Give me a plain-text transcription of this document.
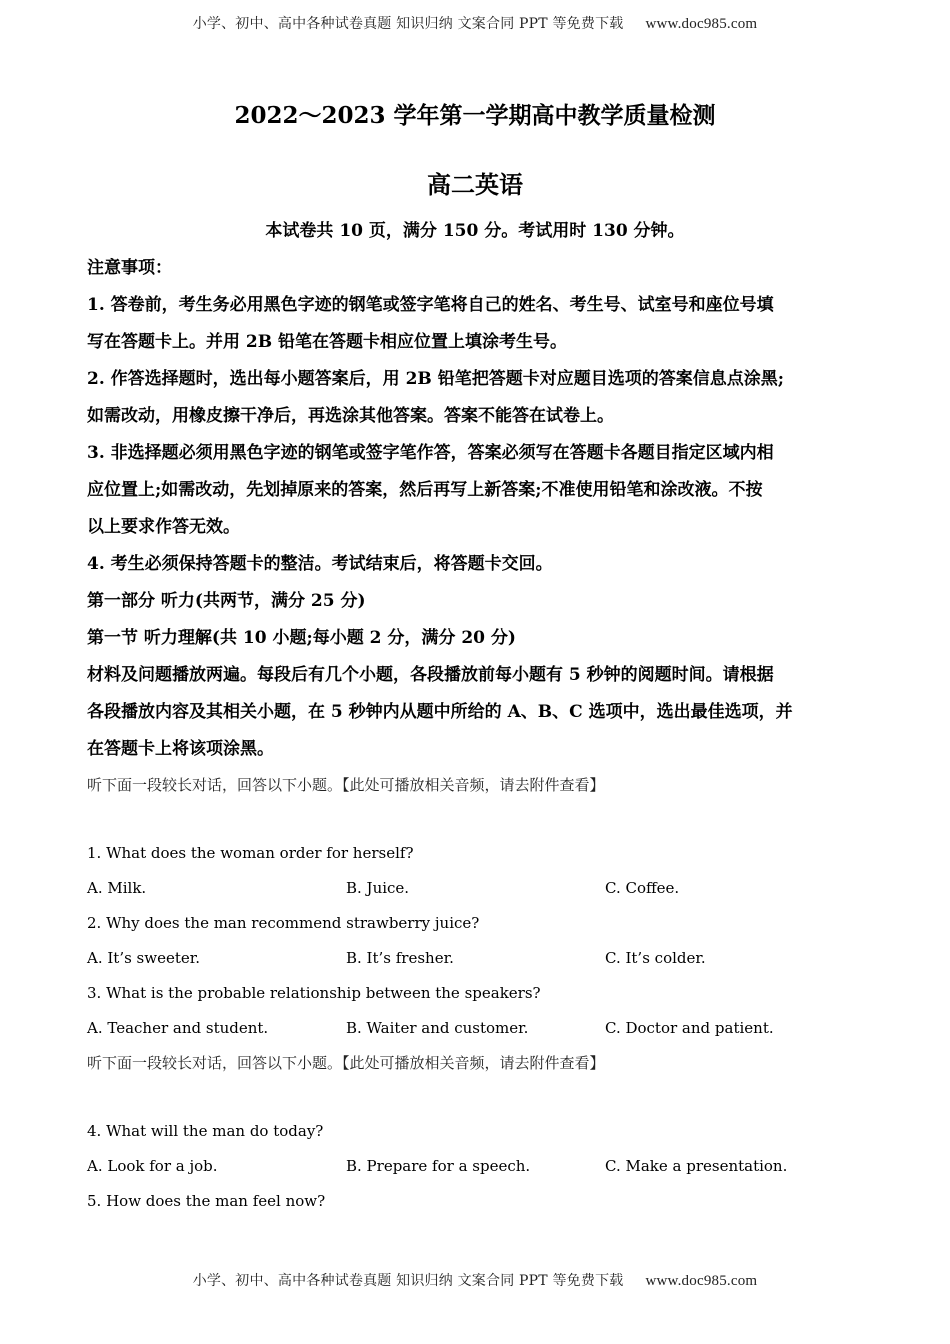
小学、初中、高中各种试卷真题 知识归纳 文案合同 PPT 等免费下载 www.doc985.com
2022～2023 学年第一学期高中教学质量检测
高二英语
本试卷共 10 页，满分 150 分。考试用时 130 分钟。

注意事项：

1. 答卷前，考生务必用黑色字迹的钢笔或签字笔将自己的姓名、考生号、试室号和座位号填

写在答题卡上。并用 2B 铅笔在答题卡相应位置上填涂考生号。

2. 作答选择题时，选出每小题答案后，用 2B 铅笔把答题卡对应题目选项的答案信息点涂黑;

如需改动，用橡皮擦干净后，再选涂其他答案。答案不能答在试卷上。

3. 非选择题必须用黑色字迹的钢笔或签字笔作答，答案必须写在答题卡各题目指定区域内相

应位置上;如需改动，先划掉原来的答案，然后再写上新答案;不准使用铅笔和涂改液。不按

以上要求作答无效。

4. 考生必须保持答题卡的整洁。考试结束后，将答题卡交回。

第一部分 听力(共两节，满分 25 分)

第一节 听力理解(共 10 小题;每小题 2 分，满分 20 分)

材料及问题播放两遍。每段后有几个小题，各段播放前每小题有 5 秒钟的阅题时间。请根据

各段播放内容及其相关小题，在 5 秒钟内从题中所给的 A、B、C 选项中，选出最佳选项，并

在答题卡上将该项涂黑。

听下面一段较长对话，回答以下小题。【此处可播放相关音频，请去附件查看】

1. What does the woman order for herself?

A. Milk.	B. Juice.	C. Coffee.

2. Why does the man recommend strawberry juice?

A. It’s sweeter.	B. It’s fresher.	C. It’s colder.

3. What is the probable relationship between the speakers?

A. Teacher and student.	B. Waiter and customer.	C. Doctor and patient.

听下面一段较长对话，回答以下小题。【此处可播放相关音频，请去附件查看】

4. What will the man do today?

A. Look for a job.	B. Prepare for a speech.	C. Make a presentation.

5. How does the man feel now?

小学、初中、高中各种试卷真题 知识归纳 文案合同 PPT 等免费下载 www.doc985.com
